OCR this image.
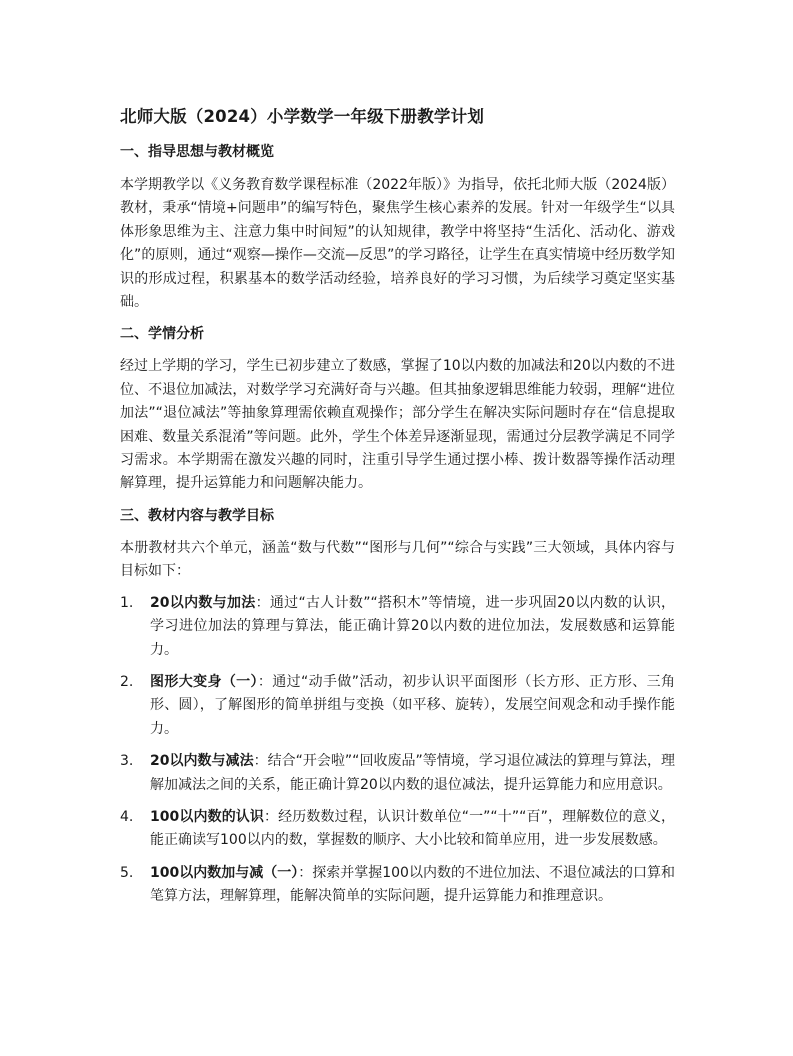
北师大版（2024）小学数学一年级下册教学计划
一、指导思想与教材概览

本学期教学以《义务教育数学课程标准（2022年版）》为指导，依托北师大版（2024版）教材，秉承“情境+问题串”的编写特色，聚焦学生核心素养的发展。针对一年级学生“以具体形象思维为主、注意力集中时间短”的认知规律，教学中将坚持“生活化、活动化、游戏化”的原则，通过“观察—操作—交流—反思”的学习路径，让学生在真实情境中经历数学知识的形成过程，积累基本的数学活动经验，培养良好的学习习惯，为后续学习奠定坚实基础。

二、学情分析

经过上学期的学习，学生已初步建立了数感，掌握了10以内数的加减法和20以内数的不进位、不退位加减法，对数学学习充满好奇与兴趣。但其抽象逻辑思维能力较弱，理解“进位加法”“退位减法”等抽象算理需依赖直观操作；部分学生在解决实际问题时存在“信息提取困难、数量关系混淆”等问题。此外，学生个体差异逐渐显现，需通过分层教学满足不同学习需求。本学期需在激发兴趣的同时，注重引导学生通过摆小棒、拨计数器等操作活动理解算理，提升运算能力和问题解决能力。

三、教材内容与教学目标

本册教材共六个单元，涵盖“数与代数”“图形与几何”“综合与实践”三大领域，具体内容与目标如下：

1. 20以内数与加法：通过“古人计数”“搭积木”等情境，进一步巩固20以内数的认识，学习进位加法的算理与算法，能正确计算20以内数的进位加法，发展数感和运算能力。
2. 图形大变身（一）：通过“动手做”活动，初步认识平面图形（长方形、正方形、三角形、圆），了解图形的简单拼组与变换（如平移、旋转），发展空间观念和动手操作能力。
3. 20以内数与减法：结合“开会啦”“回收废品”等情境，学习退位减法的算理与算法，理解加减法之间的关系，能正确计算20以内数的退位减法，提升运算能力和应用意识。
4. 100以内数的认识：经历数数过程，认识计数单位“一”“十”“百”，理解数位的意义，能正确读写100以内的数，掌握数的顺序、大小比较和简单应用，进一步发展数感。
5. 100以内数加与减（一）：探索并掌握100以内数的不进位加法、不退位减法的口算和笔算方法，理解算理，能解决简单的实际问题，提升运算能力和推理意识。
